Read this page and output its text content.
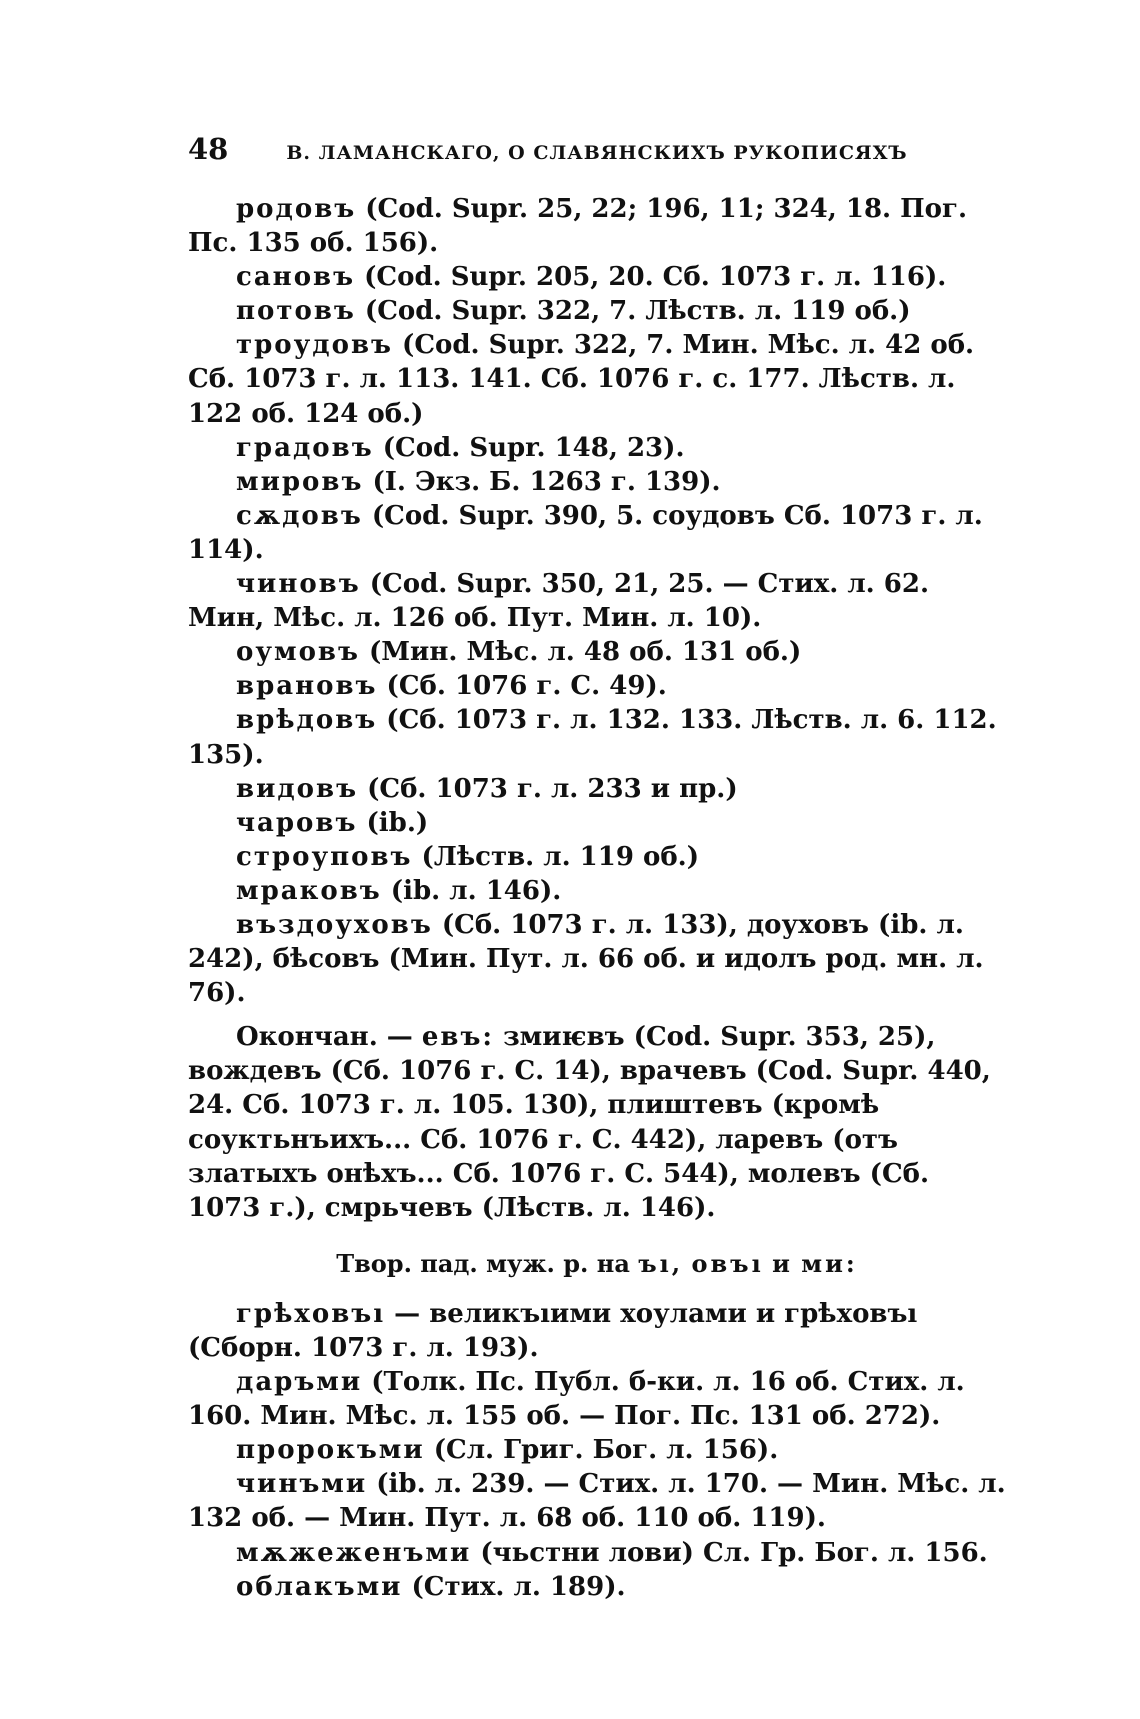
48	В. ЛАМАНСКАГО, О СЛАВЯНСКИХЪ РУКОПИСЯХЪ

родовъ (Cod. Supr. 25, 22; 196, 11; 324, 18. Пог. Пс. 135 об. 156).

сановъ (Cod. Supr. 205, 20. Сб. 1073 г. л. 116).

потовъ (Cod. Supr. 322, 7. Лѣств. л. 119 об.)

троудовъ (Cod. Supr. 322, 7. Мин. Мѣс. л. 42 об. Сб. 1073 г. л. 113. 141. Сб. 1076 г. с. 177. Лѣств. л. 122 об. 124 об.)

градовъ (Cod. Supr. 148, 23).

мировъ (I. Экз. Б. 1263 г. 139).

сѫдовъ (Cod. Supr. 390, 5. соудовъ Сб. 1073 г. л. 114).

чиновъ (Cod. Supr. 350, 21, 25. — Стих. л. 62. Мин, Мѣс. л. 126 об. Пут. Мин. л. 10).

оумовъ (Мин. Мѣс. л. 48 об. 131 об.)

врановъ (Сб. 1076 г. С. 49).

врѣдовъ (Сб. 1073 г. л. 132. 133. Лѣств. л. 6. 112. 135).

видовъ (Сб. 1073 г. л. 233 и пр.)

чаровъ (ib.)

строуповъ (Лѣств. л. 119 об.)

мраковъ (ib. л. 146).

въздоуховъ (Сб. 1073 г. л. 133), доуховъ (ib. л. 242), бѣсовъ (Мин. Пут. л. 66 об. и идолъ род. мн. л. 76).

Окончан. — евъ: змиѥвъ (Cod. Supr. 353, 25), вождевъ (Сб. 1076 г. С. 14), врачевъ (Cod. Supr. 440, 24. Сб. 1073 г. л. 105. 130), плиштевъ (кромѣ соуктьнъихъ... Сб. 1076 г. С. 442), ларевъ (отъ златыхъ онѣхъ... Сб. 1076 г. С. 544), молевъ (Сб. 1073 г.), смрьчевъ (Лѣств. л. 146).

Твор. пад. муж. р. на ъı, овъı и ми:

грѣховъı — великъıими хоулами и грѣховъı (Сборн. 1073 г. л. 193).

даръми (Толк. Пс. Публ. б-ки. л. 16 об. Стих. л. 160. Мин. Мѣс. л. 155 об. — Пог. Пс. 131 об. 272).

пророкъми (Сл. Григ. Бог. л. 156).

чинъми (ib. л. 239. — Стих. л. 170. — Мин. Мѣс. л. 132 об. — Мин. Пут. л. 68 об. 110 об. 119).

мѫжеженъми (чьстни лови) Сл. Гр. Бог. л. 156.

облакъми (Стих. л. 189).
